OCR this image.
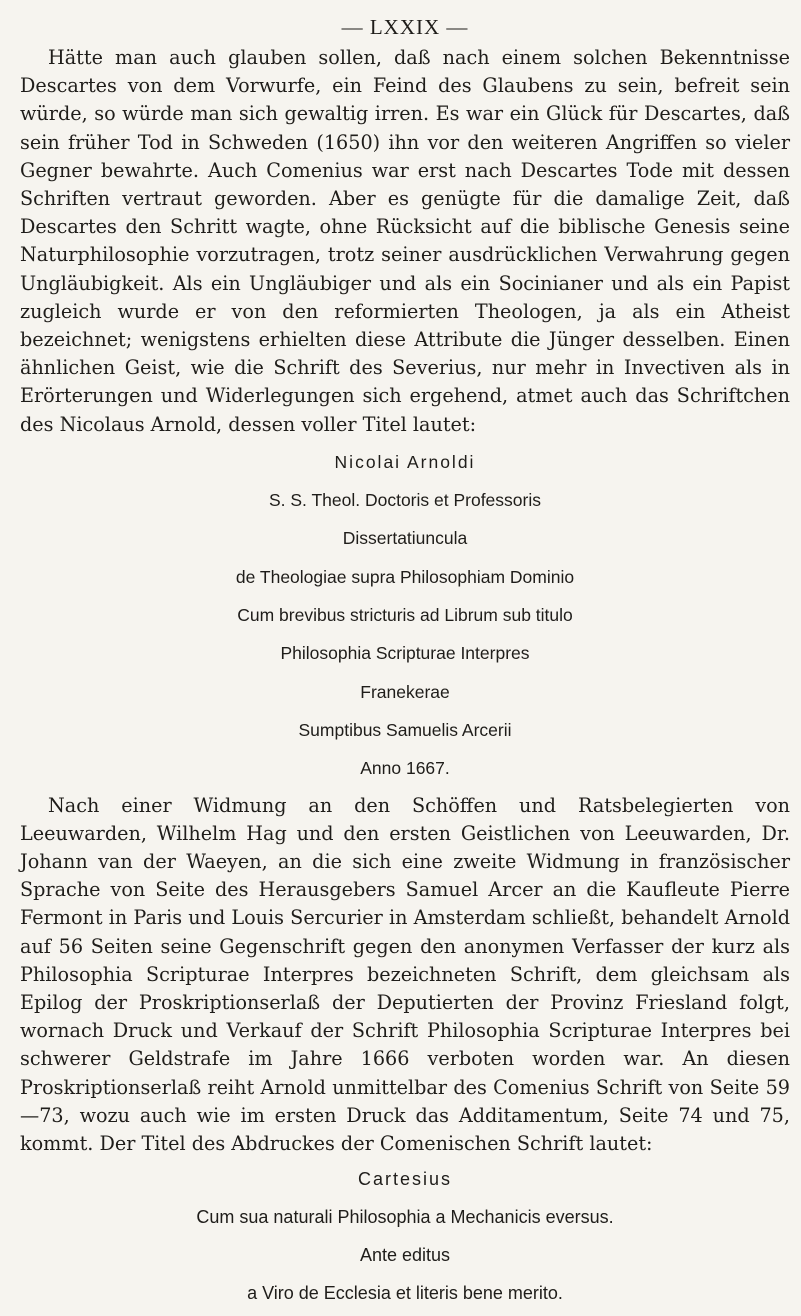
— LXXIX —

Hätte man auch glauben sollen, daß nach einem solchen Bekenntnisse Descartes von dem Vorwurfe, ein Feind des Glaubens zu sein, befreit sein würde, so würde man sich gewaltig irren. Es war ein Glück für Descartes, daß sein früher Tod in Schweden (1650) ihn vor den weiteren Angriffen so vieler Gegner bewahrte. Auch Comenius war erst nach Descartes Tode mit dessen Schriften vertraut geworden. Aber es genügte für die damalige Zeit, daß Descartes den Schritt wagte, ohne Rücksicht auf die biblische Genesis seine Naturphilosophie vorzutragen, trotz seiner ausdrücklichen Verwahrung gegen Ungläubigkeit. Als ein Ungläubiger und als ein Socinianer und als ein Papist zugleich wurde er von den reformierten Theologen, ja als ein Atheist bezeichnet; wenigstens erhielten diese Attribute die Jünger desselben. Einen ähnlichen Geist, wie die Schrift des Severius, nur mehr in Invectiven als in Erörterungen und Widerlegungen sich ergehend, atmet auch das Schriftchen des Nicolaus Arnold, dessen voller Titel lautet:

Nicolai Arnoldi
S. S. Theol. Doctoris et Professoris
Dissertatiuncula
de Theologiae supra Philosophiam Dominio
Cum brevibus stricturis ad Librum sub titulo
Philosophia Scripturae Interpres
Franekerae
Sumptibus Samuelis Arcerii
Anno 1667.

Nach einer Widmung an den Schöffen und Ratsbelegierten von Leeuwarden, Wilhelm Hag und den ersten Geistlichen von Leeuwarden, Dr. Johann van der Waeyen, an die sich eine zweite Widmung in französischer Sprache von Seite des Herausgebers Samuel Arcer an die Kaufleute Pierre Fermont in Paris und Louis Sercurier in Amsterdam schließt, behandelt Arnold auf 56 Seiten seine Gegenschrift gegen den anonymen Verfasser der kurz als Philosophia Scripturae Interpres bezeichneten Schrift, dem gleichsam als Epilog der Proskriptionserlaß der Deputierten der Provinz Friesland folgt, wornach Druck und Verkauf der Schrift Philosophia Scripturae Interpres bei schwerer Geldstrafe im Jahre 1666 verboten worden war. An diesen Proskriptionserlaß reiht Arnold unmittelbar des Comenius Schrift von Seite 59—73, wozu auch wie im ersten Druck das Additamentum, Seite 74 und 75, kommt. Der Titel des Abdruckes der Comenischen Schrift lautet:

Cartesius
Cum sua naturali Philosophia a Mechanicis eversus.
Ante editus
a Viro de Ecclesia et literis bene merito.
